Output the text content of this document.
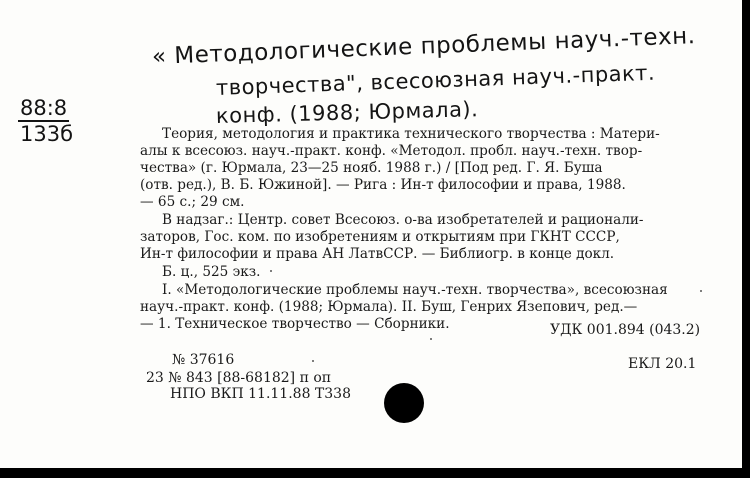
« Методологические проблемы науч.-техн.
творчества", всесоюзная науч.-практ.
конф. (1988; Юрмала).
88:8
133б	Теория, методология и практика технического творчества : Матери-
алы к всесоюз. науч.-практ. конф. «Методол. пробл. науч.-техн. твор-
чества» (г. Юрмала, 23—25 нояб. 1988 г.) / [Под ред. Г. Я. Буша
(отв. ред.), В. Б. Южиной]. — Рига : Ин-т философии и права, 1988.
— 65 с.; 29 см.
В надзаг.: Центр. совет Всесоюз. о-ва изобретателей и рационали-
заторов, Гос. ком. по изобретениям и открытиям при ГКНТ СССР,
Ин-т философии и права АН ЛатвССР. — Библиогр. в конце докл.
Б. ц., 525 экз.
I. «Методологические проблемы науч.-техн. творчества», всесоюзная
науч.-практ. конф. (1988; Юрмала). II. Буш, Генрих Язепович, ред.—
— 1. Техническое творчество — Сборники.	УДК 001.894 (043.2)
ЕКЛ 20.1
№ 37616
23 № 843 [88-68182] п оп
НПО ВКП 11.11.88 Т338
